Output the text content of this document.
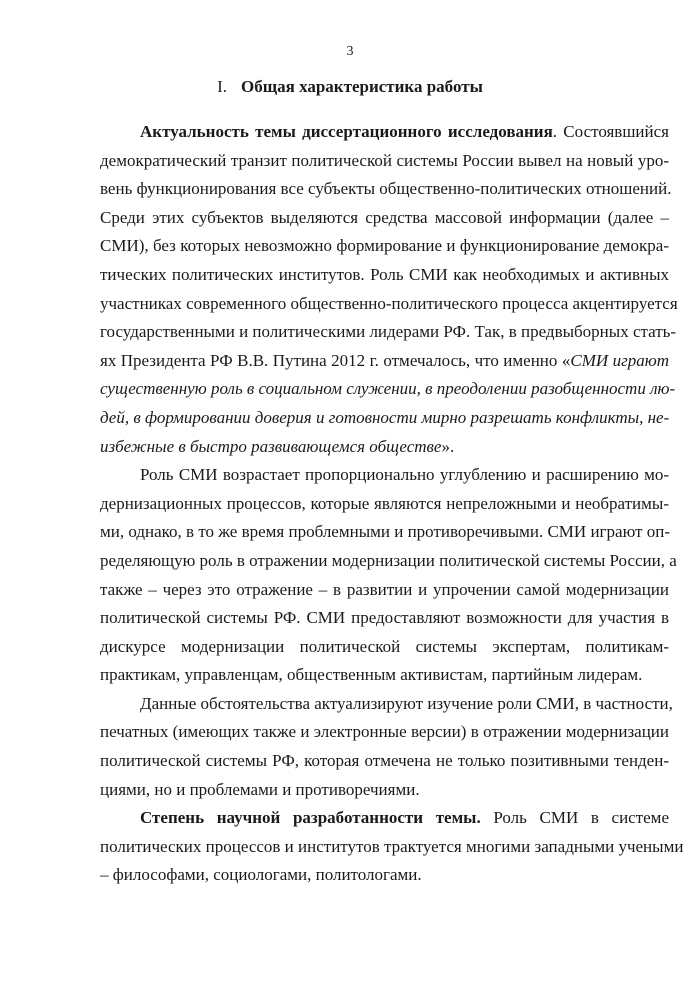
3
I. Общая характеристика работы
Актуальность темы диссертационного исследования. Состоявшийся
демократический транзит политической системы России вывел на новый уро-
вень функционирования все субъекты общественно-политических отношений.
Среди этих субъектов выделяются средства массовой информации (далее –
СМИ), без которых невозможно формирование и функционирование демокра-
тических политических институтов. Роль СМИ как необходимых и активных
участниках современного общественно-политического процесса акцентируется
государственными и политическими лидерами РФ. Так, в предвыборных стать-
ях Президента РФ В.В. Путина 2012 г. отмечалось, что именно «СМИ играют
существенную роль в социальном служении, в преодолении разобщенности лю-
дей, в формировании доверия и готовности мирно разрешать конфликты, не-
избежные в быстро развивающемся обществе».
Роль СМИ возрастает пропорционально углублению и расширению мо-
дернизационных процессов, которые являются непреложными и необратимы-
ми, однако, в то же время проблемными и противоречивыми. СМИ играют оп-
ределяющую роль в отражении модернизации политической системы России, а
также – через это отражение – в развитии и упрочении самой модернизации
политической системы РФ. СМИ предоставляют возможности для участия в
дискурсе модернизации политической системы экспертам, политикам-
практикам, управленцам, общественным активистам, партийным лидерам.
Данные обстоятельства актуализируют изучение роли СМИ, в частности,
печатных (имеющих также и электронные версии) в отражении модернизации
политической системы РФ, которая отмечена не только позитивными тенден-
циями, но и проблемами и противоречиями.
Степень научной разработанности темы. Роль СМИ в системе
политических процессов и институтов трактуется многими западными учеными
– философами, социологами, политологами.
